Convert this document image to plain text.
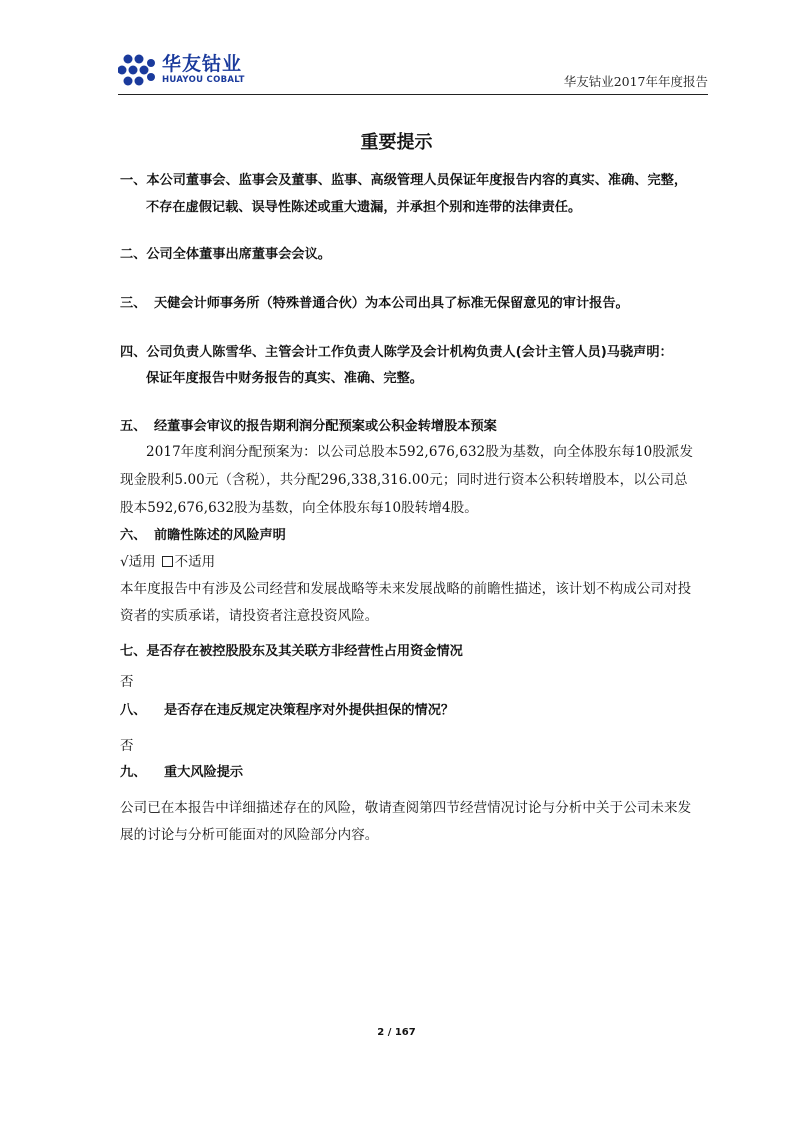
华友钴业
HUAYOU COBALT	华友钴业2017年年度报告
重要提示
一、本公司董事会、监事会及董事、监事、高级管理人员保证年度报告内容的真实、准确、完整，
不存在虚假记载、误导性陈述或重大遗漏，并承担个别和连带的法律责任。
二、公司全体董事出席董事会会议。
三、 天健会计师事务所（特殊普通合伙）为本公司出具了标准无保留意见的审计报告。
四、公司负责人陈雪华、主管会计工作负责人陈学及会计机构负责人(会计主管人员)马骁声明：
保证年度报告中财务报告的真实、准确、完整。
五、 经董事会审议的报告期利润分配预案或公积金转增股本预案
2017年度利润分配预案为：以公司总股本592,676,632股为基数，向全体股东每10股派发
现金股利5.00元（含税），共分配296,338,316.00元；同时进行资本公积转增股本，以公司总
股本592,676,632股为基数，向全体股东每10股转增4股。
六、 前瞻性陈述的风险声明
√适用 不适用
本年度报告中有涉及公司经营和发展战略等未来发展战略的前瞻性描述，该计划不构成公司对投
资者的实质承诺，请投资者注意投资风险。
七、是否存在被控股股东及其关联方非经营性占用资金情况
否
八、 是否存在违反规定决策程序对外提供担保的情况？
否
九、 重大风险提示
公司已在本报告中详细描述存在的风险，敬请查阅第四节经营情况讨论与分析中关于公司未来发
展的讨论与分析可能面对的风险部分内容。
2 / 167
